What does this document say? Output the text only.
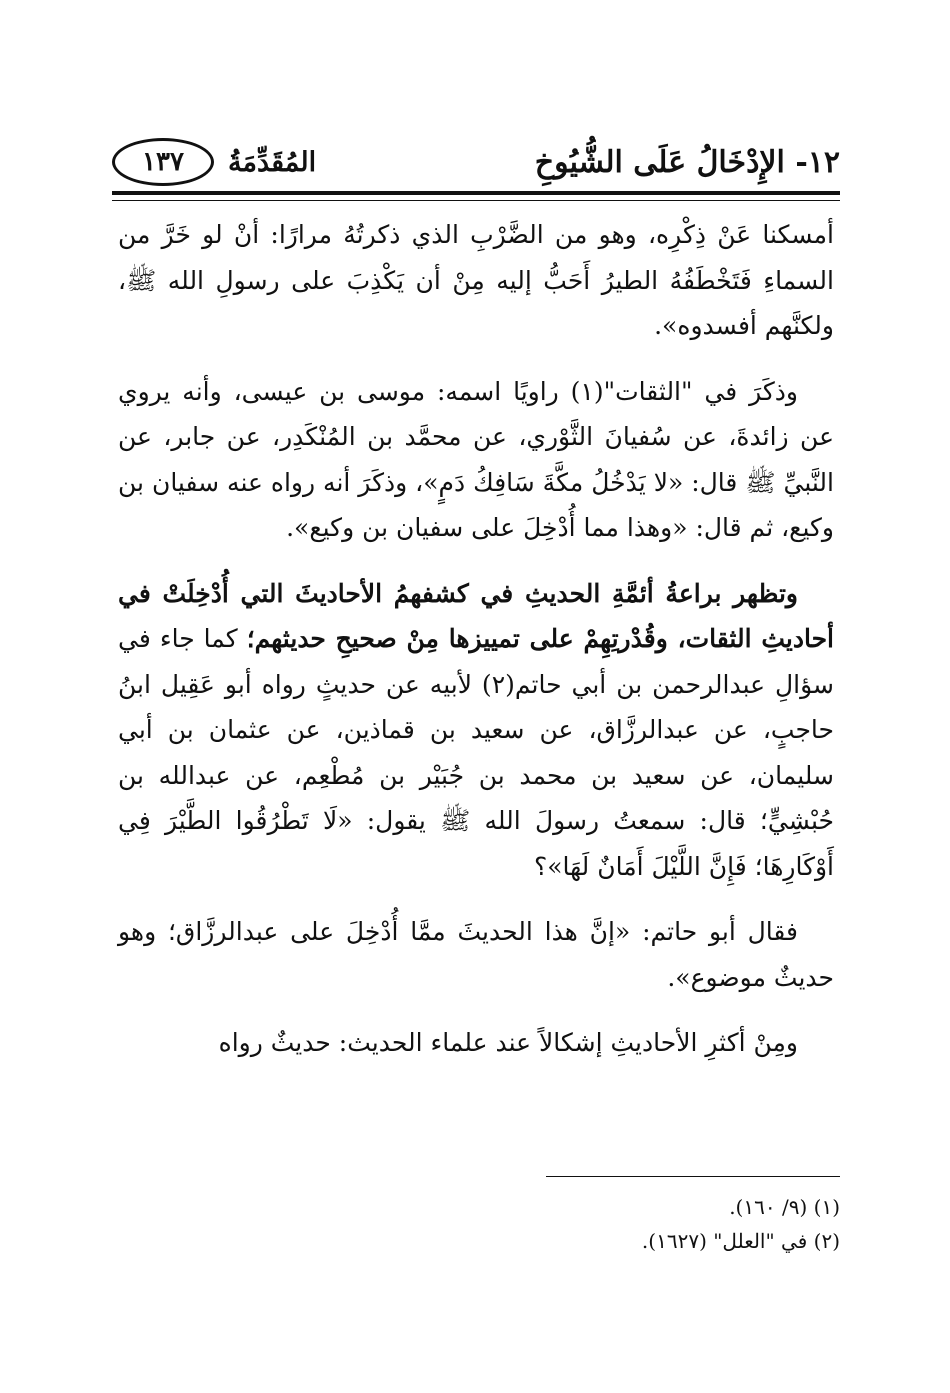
١٢- الإِدْخَالُ عَلَى الشُّيُوخِ
المُقَدِّمَةُ
١٣٧

أمسكنا عَنْ ذِكْرِه، وهو من الضَّرْبِ الذي ذكرتُهُ مرارًا: أنْ لو خَرَّ من السماءِ فَتَخْطَفُهُ الطيرُ أَحَبُّ إليه مِنْ أن يَكْذِبَ على رسولِ الله ﷺ، ولكنَّهم أفسدوه».

وذكَرَ في "الثقات"(١) راويًا اسمه: موسى بن عيسى، وأنه يروي عن زائدةَ، عن سُفيانَ الثَّوْري، عن محمَّد بن المُنْكَدِر، عن جابر، عن النَّبيِّ ﷺ قال: «لا يَدْخُلُ مكَّةَ سَافِكُ دَمٍ»، وذكَرَ أنه رواه عنه سفيان بن وكيع، ثم قال: «وهذا مما أُدْخِلَ على سفيان بن وكيع».

وتظهر براعةُ أئمَّةِ الحديثِ في كشفهمُ الأحاديثَ التي أُدْخِلَتْ في أحاديثِ الثقات، وقُدْرتِهِمْ على تمييزها مِنْ صحيحِ حديثهم؛ كما جاء في سؤالِ عبدالرحمن بن أبي حاتم(٢) لأبيه عن حديثٍ رواه أبو عَقِيل ابنُ حاجبٍ، عن عبدالرزَّاق، عن سعيد بن قماذين، عن عثمان بن أبي سليمان، عن سعيد بن محمد بن جُبَيْر بن مُطْعِم، عن عبدالله بن حُبْشِيٍّ؛ قال: سمعتُ رسولَ الله ﷺ يقول: «لَا تَطْرُقُوا الطَّيْرَ فِي أَوْكَارِهَا؛ فَإِنَّ اللَّيْلَ أَمَانٌ لَهَا»؟

فقال أبو حاتم: «إنَّ هذا الحديثَ ممَّا أُدْخِلَ على عبدالرزَّاق؛ وهو حديثٌ موضوع».

ومِنْ أكثرِ الأحاديثِ إشكالاً عند علماء الحديث: حديثٌ رواه

(١) (٩/ ١٦٠).
(٢) في "العلل" (١٦٢٧).
